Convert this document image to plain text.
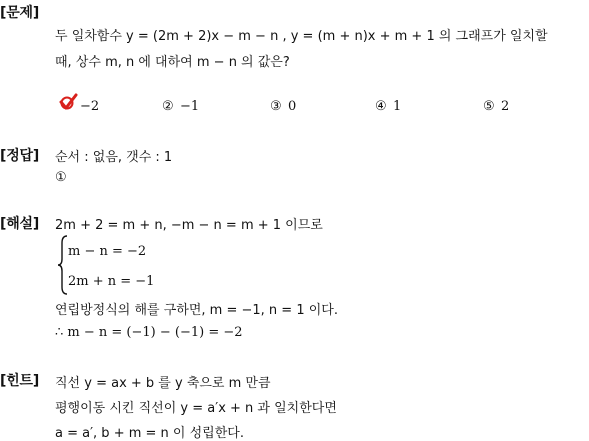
[문제]
두 일차함수 y = (2m + 2)x − m − n , y = (m + n)x + m + 1 의 그래프가 일치할
때, 상수 m, n 에 대하여 m − n 의 값은?
−2	② −1	③ 0	④ 1	⑤ 2
[정답] 순서 : 없음, 갯수 : 1
①
[해설] 2m + 2 = m + n, −m − n = m + 1 이므로
m − n = −2
2m + n = −1
연립방정식의 해를 구하면, m = −1, n = 1 이다.
∴ m − n = (−1) − (−1) = −2
[힌트] 직선 y = ax + b 를 y 축으로 m 만큼
평행이동 시킨 직선이 y = a′x + n 과 일치한다면
a = a′, b + m = n 이 성립한다.
